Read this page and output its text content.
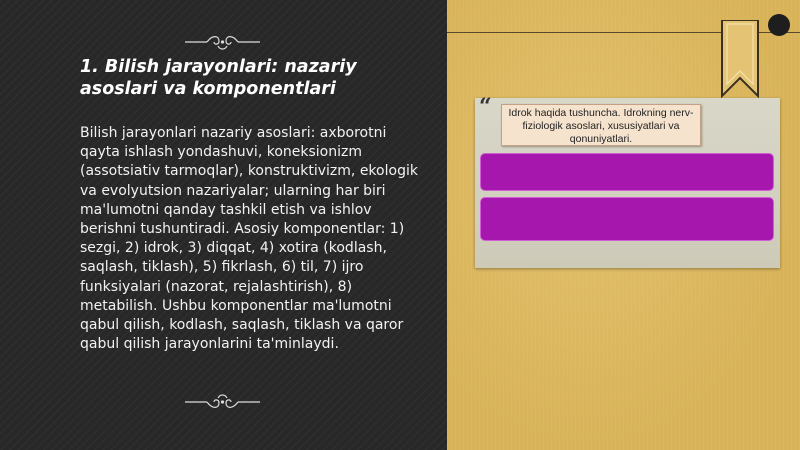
1. Bilish jarayonlari: nazariy asoslari va komponentlari

Bilish jarayonlari nazariy asoslari: axborotni qayta ishlash yondashuvi, koneksionizm (assotsiativ tarmoqlar), konstruktivizm, ekologik va evolyutsion nazariyalar; ularning har biri ma'lumotni qanday tashkil etish va ishlov berishni tushuntiradi. Asosiy komponentlar: 1) sezgi, 2) idrok, 3) diqqat, 4) xotira (kodlash, saqlash, tiklash), 5) fikrlash, 6) til, 7) ijro funksiyalari (nazorat, rejalashtirish), 8) metabilish. Ushbu komponentlar ma'lumotni qabul qilish, kodlash, saqlash, tiklash va qaror qabul qilish jarayonlarini ta'minlaydi.

“	Idrok haqida tushuncha. Idrokning nerv-fiziologik asoslari, xususiyatlari va qonuniyatlari.
